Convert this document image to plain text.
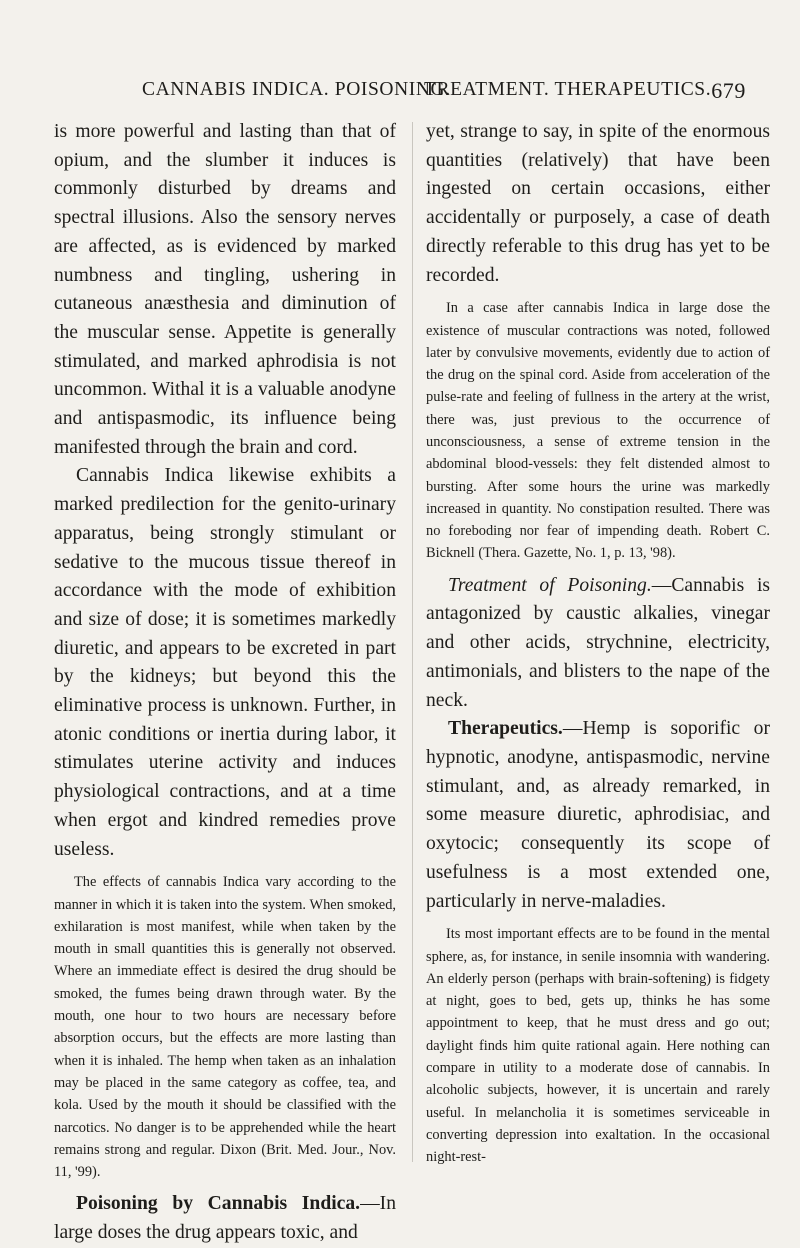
CANNABIS INDICA. POISONING.
TREATMENT. THERAPEUTICS. 679

is more powerful and lasting than that of opium, and the slumber it induces is commonly disturbed by dreams and spectral illusions. Also the sensory nerves are affected, as is evidenced by marked numbness and tingling, ushering in cutaneous anæsthesia and diminution of the muscular sense. Appetite is generally stimulated, and marked aphrodisia is not uncommon. Withal it is a valuable anodyne and antispasmodic, its influence being manifested through the brain and cord.

Cannabis Indica likewise exhibits a marked predilection for the genito-urinary apparatus, being strongly stimulant or sedative to the mucous tissue thereof in accordance with the mode of exhibition and size of dose; it is sometimes markedly diuretic, and appears to be excreted in part by the kidneys; but beyond this the eliminative process is unknown. Further, in atonic conditions or inertia during labor, it stimulates uterine activity and induces physiological contractions, and at a time when ergot and kindred remedies prove useless.

The effects of cannabis Indica vary according to the manner in which it is taken into the system. When smoked, exhilaration is most manifest, while when taken by the mouth in small quantities this is generally not observed. Where an immediate effect is desired the drug should be smoked, the fumes being drawn through water. By the mouth, one hour to two hours are necessary before absorption occurs, but the effects are more lasting than when it is inhaled. The hemp when taken as an inhalation may be placed in the same category as coffee, tea, and kola. Used by the mouth it should be classified with the narcotics. No danger is to be apprehended while the heart remains strong and regular. Dixon (Brit. Med. Jour., Nov. 11, '99).

Poisoning by Cannabis Indica.—In large doses the drug appears toxic, and

yet, strange to say, in spite of the enormous quantities (relatively) that have been ingested on certain occasions, either accidentally or purposely, a case of death directly referable to this drug has yet to be recorded.

In a case after cannabis Indica in large dose the existence of muscular contractions was noted, followed later by convulsive movements, evidently due to action of the drug on the spinal cord. Aside from acceleration of the pulse-rate and feeling of fullness in the artery at the wrist, there was, just previous to the occurrence of unconsciousness, a sense of extreme tension in the abdominal blood-vessels: they felt distended almost to bursting. After some hours the urine was markedly increased in quantity. No constipation resulted. There was no foreboding nor fear of impending death. Robert C. Bicknell (Thera. Gazette, No. 1, p. 13, '98).

Treatment of Poisoning.—Cannabis is antagonized by caustic alkalies, vinegar and other acids, strychnine, electricity, antimonials, and blisters to the nape of the neck.

Therapeutics.—Hemp is soporific or hypnotic, anodyne, antispasmodic, nervine stimulant, and, as already remarked, in some measure diuretic, aphrodisiac, and oxytocic; consequently its scope of usefulness is a most extended one, particularly in nerve-maladies.

Its most important effects are to be found in the mental sphere, as, for instance, in senile insomnia with wandering. An elderly person (perhaps with brain-softening) is fidgety at night, goes to bed, gets up, thinks he has some appointment to keep, that he must dress and go out; daylight finds him quite rational again. Here nothing can compare in utility to a moderate dose of cannabis. In alcoholic subjects, however, it is uncertain and rarely useful. In melancholia it is sometimes serviceable in converting depression into exaltation. In the occasional night-rest-
